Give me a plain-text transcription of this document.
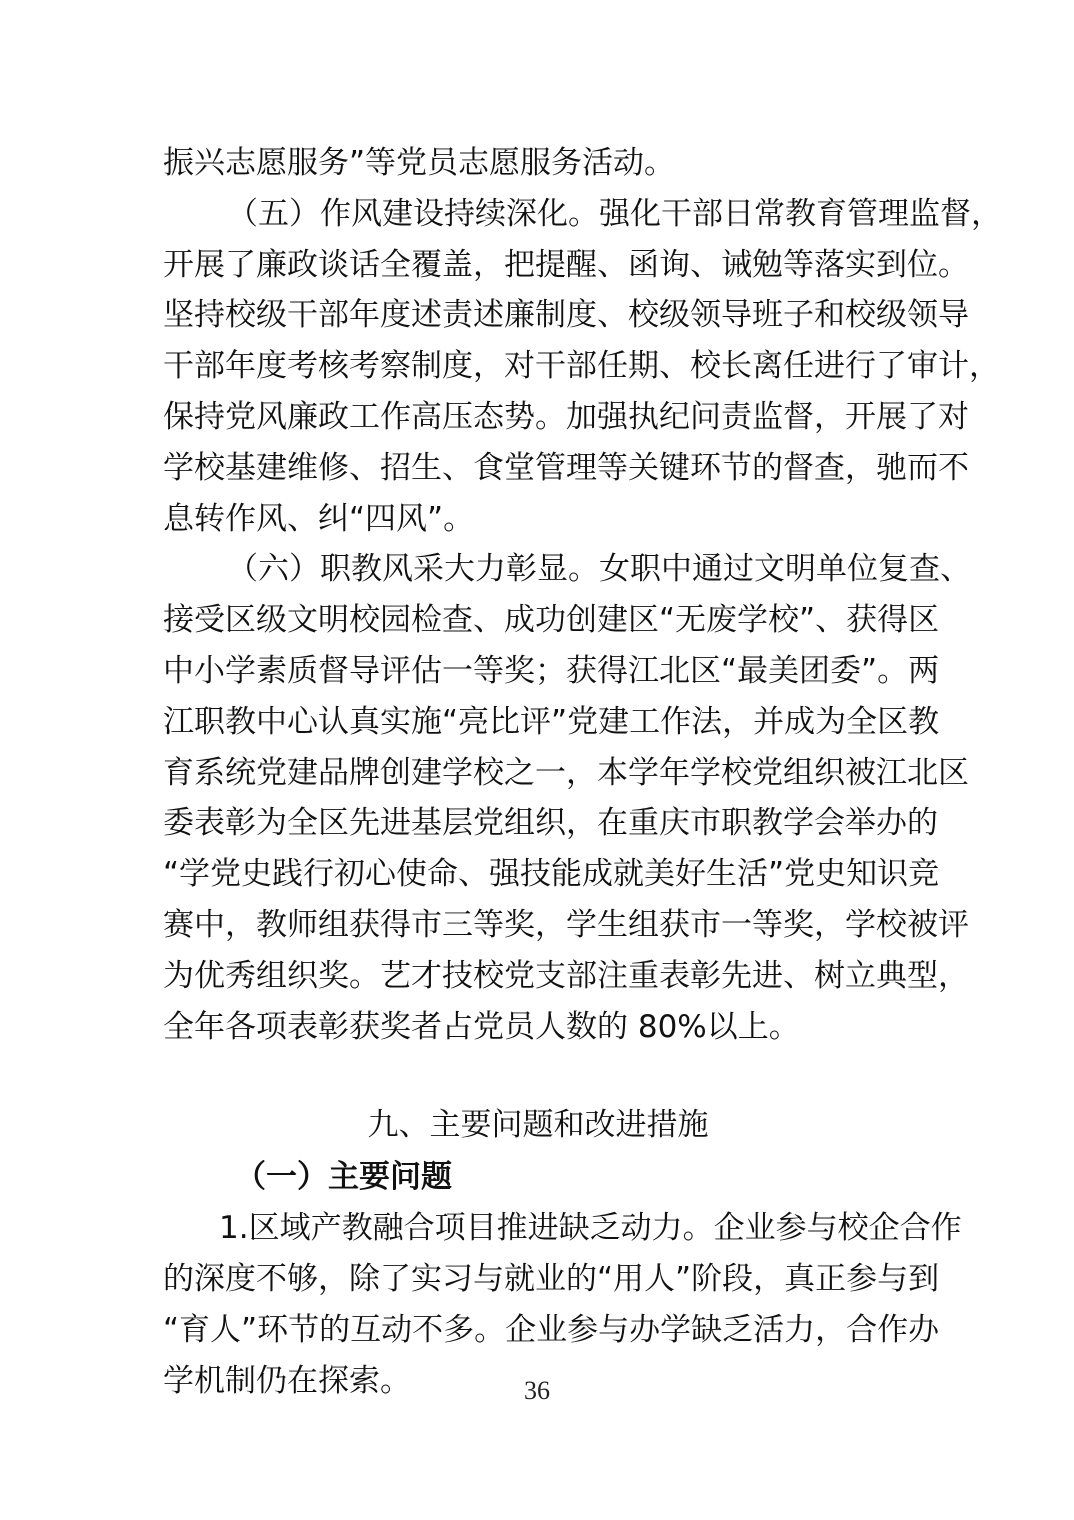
振兴志愿服务”等党员志愿服务活动。
（五）作风建设持续深化。强化干部日常教育管理监督，
开展了廉政谈话全覆盖，把提醒、函询、诫勉等落实到位。
坚持校级干部年度述责述廉制度、校级领导班子和校级领导
干部年度考核考察制度，对干部任期、校长离任进行了审计，
保持党风廉政工作高压态势。加强执纪问责监督，开展了对
学校基建维修、招生、食堂管理等关键环节的督查，驰而不
息转作风、纠“四风”。
（六）职教风采大力彰显。女职中通过文明单位复查、
接受区级文明校园检查、成功创建区“无废学校”、获得区
中小学素质督导评估一等奖；获得江北区“最美团委”。两
江职教中心认真实施“亮比评”党建工作法，并成为全区教
育系统党建品牌创建学校之一，本学年学校党组织被江北区
委表彰为全区先进基层党组织，在重庆市职教学会举办的
“学党史践行初心使命、强技能成就美好生活”党史知识竞
赛中，教师组获得市三等奖，学生组获市一等奖，学校被评
为优秀组织奖。艺才技校党支部注重表彰先进、树立典型，
全年各项表彰获奖者占党员人数的 80%以上。
九、主要问题和改进措施
（一）主要问题
1.区域产教融合项目推进缺乏动力。企业参与校企合作
的深度不够，除了实习与就业的“用人”阶段，真正参与到
“育人”环节的互动不多。企业参与办学缺乏活力，合作办
学机制仍在探索。	36
